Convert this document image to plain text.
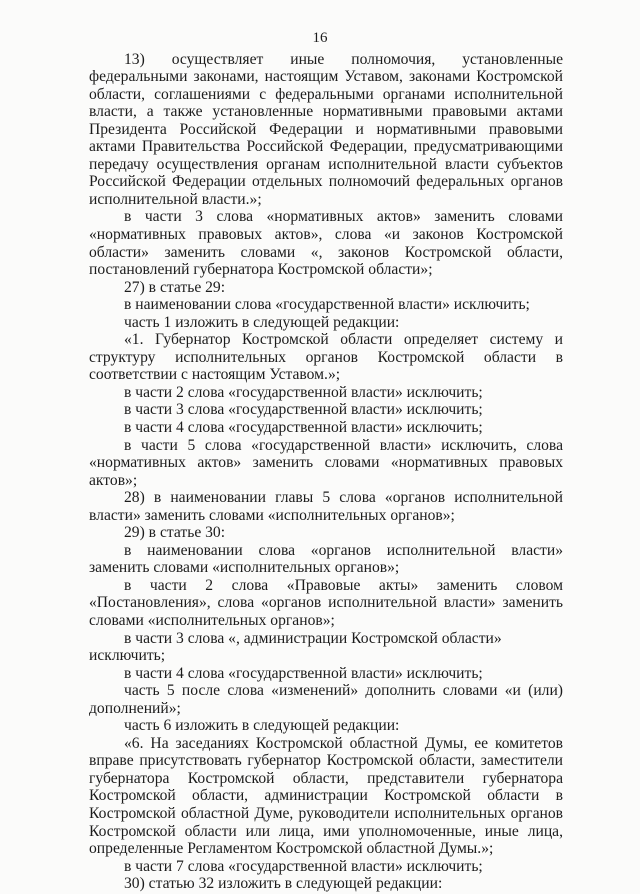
16

13) осуществляет иные полномочия, установленные федеральными законами, настоящим Уставом, законами Костромской области, соглашениями с федеральными органами исполнительной власти, а также установленные нормативными правовыми актами Президента Российской Федерации и нормативными правовыми актами Правительства Российской Федерации, предусматривающими передачу осуществления органам исполнительной власти субъектов Российской Федерации отдельных полномочий федеральных органов исполнительной власти.»;

в части 3 слова «нормативных актов» заменить словами «нормативных правовых актов», слова «и законов Костромской области» заменить словами «, законов Костромской области, постановлений губернатора Костромской области»;

27) в статье 29:

в наименовании слова «государственной власти» исключить;

часть 1 изложить в следующей редакции:

«1. Губернатор Костромской области определяет систему и структуру исполнительных органов Костромской области в соответствии с настоящим Уставом.»;

в части 2 слова «государственной власти» исключить;

в части 3 слова «государственной власти» исключить;

в части 4 слова «государственной власти» исключить;

в части 5 слова «государственной власти» исключить, слова «нормативных актов» заменить словами «нормативных правовых актов»;

28) в наименовании главы 5 слова «органов исполнительной власти» заменить словами «исполнительных органов»;

29) в статье 30:

в наименовании слова «органов исполнительной власти» заменить словами «исполнительных органов»;

в части 2 слова «Правовые акты» заменить словом «Постановления», слова «органов исполнительной власти» заменить словами «исполнительных органов»;

в части 3 слова «, администрации Костромской области» исключить;

в части 4 слова «государственной власти» исключить;

часть 5 после слова «изменений» дополнить словами «и (или) дополнений»;

часть 6 изложить в следующей редакции:

«6. На заседаниях Костромской областной Думы, ее комитетов вправе присутствовать губернатор Костромской области, заместители губернатора Костромской области, представители губернатора Костромской области, администрации Костромской области в Костромской областной Думе, руководители исполнительных органов Костромской области или лица, ими уполномоченные, иные лица, определенные Регламентом Костромской областной Думы.»;

в части 7 слова «государственной власти» исключить;

30) статью 32 изложить в следующей редакции:
